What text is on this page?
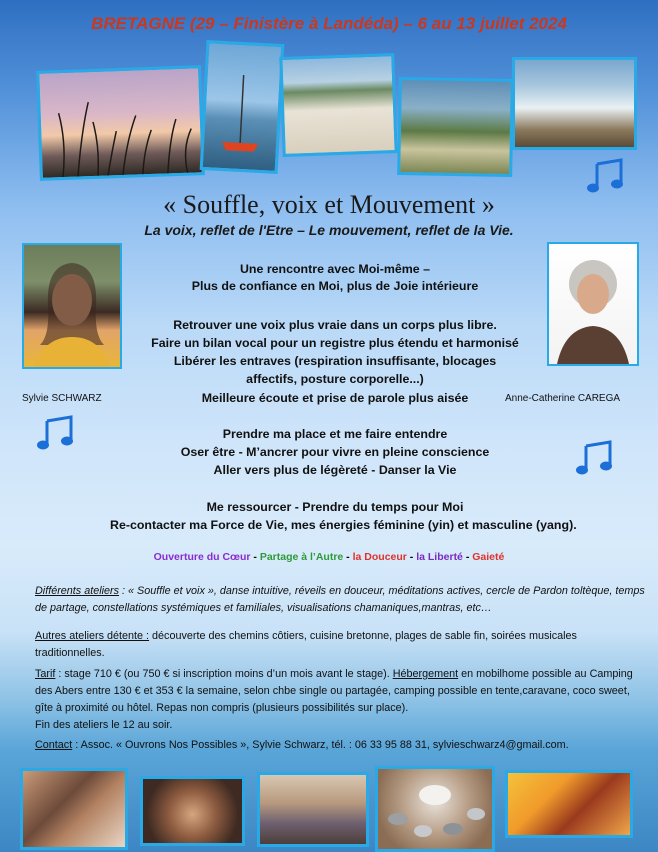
BRETAGNE (29 – Finistère à Landéda) – 6 au 13 juillet 2024
« Souffle, voix et Mouvement »
La voix, reflet de l'Etre – Le mouvement, reflet de la Vie.
Sylvie SCHWARZ	Anne-Catherine CAREGA
Une rencontre avec Moi-même –
Plus de confiance en Moi, plus de Joie intérieure
Retrouver une voix plus vraie dans un corps plus libre.
Faire un bilan vocal pour un registre plus étendu et harmonisé
Libérer les entraves (respiration insuffisante, blocages
affectifs, posture corporelle...)
Meilleure écoute et prise de parole plus aisée
Prendre ma place et me faire entendre
Oser être - M’ancrer pour vivre en pleine conscience
Aller vers plus de légèreté - Danser la Vie
Me ressourcer - Prendre du temps pour Moi
Re-contacter ma Force de Vie, mes énergies féminine (yin) et masculine (yang).
Ouverture du Cœur - Partage à l’Autre - la Douceur - la Liberté - Gaieté
Différents ateliers : « Souffle et voix », danse intuitive, réveils en douceur, méditations actives, cercle de Pardon toltèque, temps de partage, constellations systémiques et familiales, visualisations chamaniques,mantras, etc…
Autres ateliers détente : découverte des chemins côtiers, cuisine bretonne, plages de sable fin, soirées musicales traditionnelles.
Tarif : stage 710 € (ou 750 € si inscription moins d’un mois avant le stage). Hébergement en mobilhome possible au Camping des Abers entre 130 € et 353 € la semaine, selon chbe single ou partagée, camping possible en tente,caravane, coco sweet, gîte à proximité ou hôtel. Repas non compris (plusieurs possibilités sur place).
Fin des ateliers le 12 au soir.
Contact : Assoc. « Ouvrons Nos Possibles », Sylvie Schwarz, tél. : 06 33 95 88 31, sylvieschwarz4@gmail.com.
